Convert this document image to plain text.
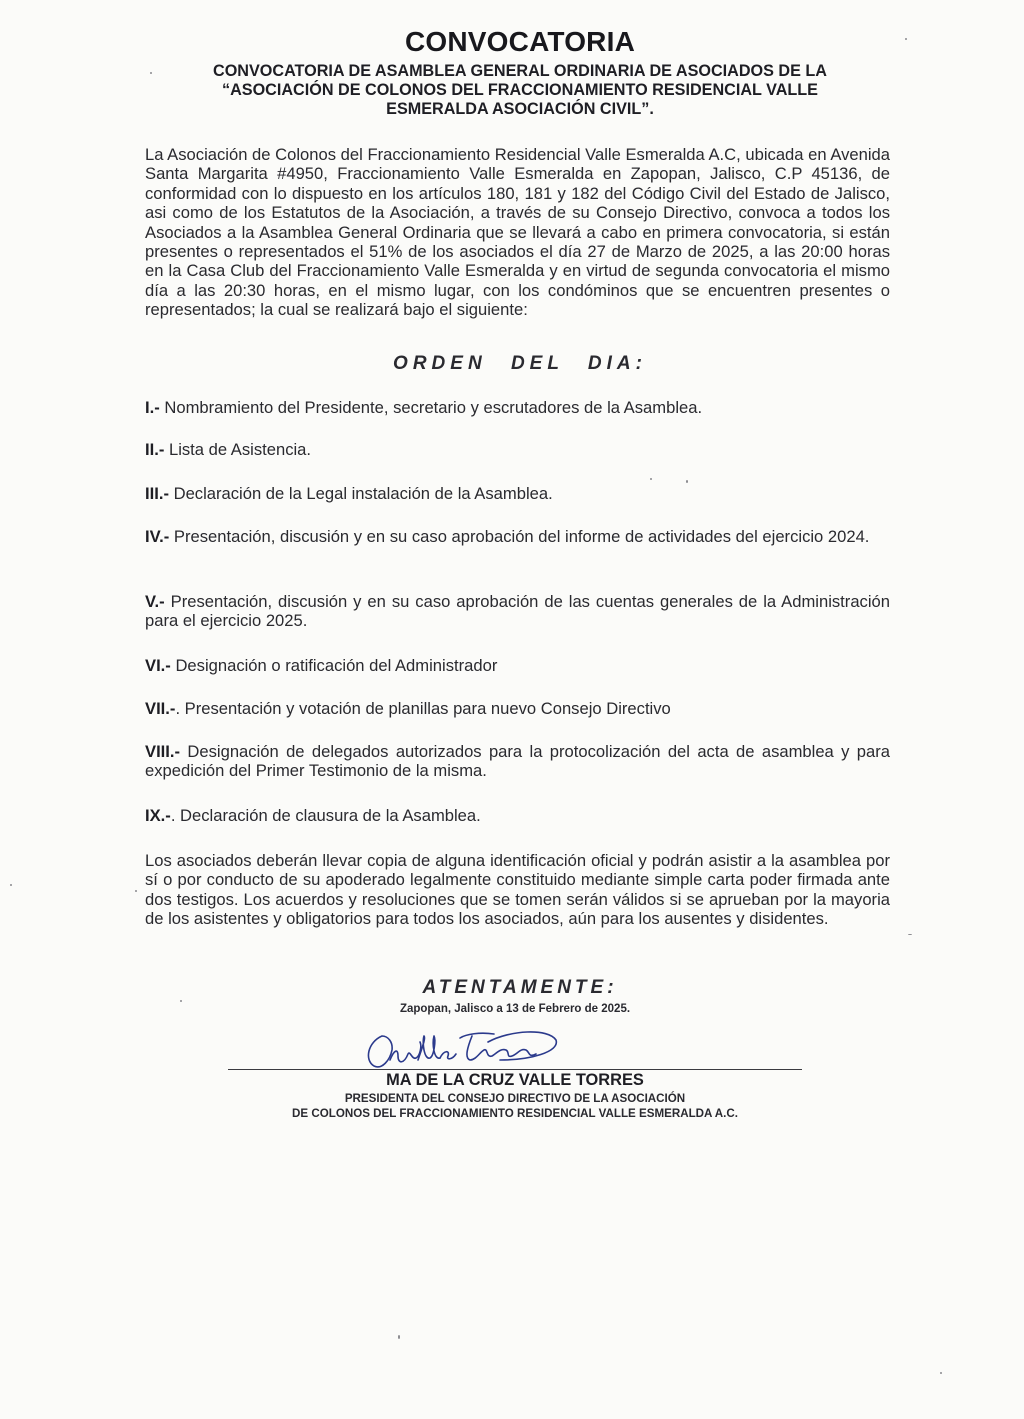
CONVOCATORIA
CONVOCATORIA DE ASAMBLEA GENERAL ORDINARIA DE ASOCIADOS DE LA
“ASOCIACIÓN DE COLONOS DEL FRACCIONAMIENTO RESIDENCIAL VALLE
ESMERALDA ASOCIACIÓN CIVIL”.
La Asociación de Colonos del Fraccionamiento Residencial Valle Esmeralda A.C, ubicada en Avenida Santa Margarita #4950, Fraccionamiento Valle Esmeralda en Zapopan, Jalisco, C.P 45136, de conformidad con lo dispuesto en los artículos 180, 181 y 182 del Código Civil del Estado de Jalisco, asi como de los Estatutos de la Asociación, a través de su Consejo Directivo, convoca a todos los Asociados a la Asamblea General Ordinaria que se llevará a cabo en primera convocatoria, si están presentes o representados el 51% de los asociados el día 27 de Marzo de 2025, a las 20:00 horas en la Casa Club del Fraccionamiento Valle Esmeralda y en virtud de segunda convocatoria el mismo día a las 20:30 horas, en el mismo lugar, con los condóminos que se encuentren presentes o representados; la cual se realizará bajo el siguiente:
ORDEN DEL DIA:
I.- Nombramiento del Presidente, secretario y escrutadores de la Asamblea.
II.- Lista de Asistencia.
III.- Declaración de la Legal instalación de la Asamblea.
IV.- Presentación, discusión y en su caso aprobación del informe de actividades del ejercicio 2024.
V.- Presentación, discusión y en su caso aprobación de las cuentas generales de la Administración para el ejercicio 2025.
VI.- Designación o ratificación del Administrador
VII.-. Presentación y votación de planillas para nuevo Consejo Directivo
VIII.- Designación de delegados autorizados para la protocolización del acta de asamblea y para expedición del Primer Testimonio de la misma.
IX.-. Declaración de clausura de la Asamblea.
Los asociados deberán llevar copia de alguna identificación oficial y podrán asistir a la asamblea por sí o por conducto de su apoderado legalmente constituido mediante simple carta poder firmada ante dos testigos. Los acuerdos y resoluciones que se tomen serán válidos si se aprueban por la mayoria de los asistentes y obligatorios para todos los asociados, aún para los ausentes y disidentes.
ATENTAMENTE:
Zapopan, Jalisco a 13 de Febrero de 2025.
MA DE LA CRUZ VALLE TORRES
PRESIDENTA DEL CONSEJO DIRECTIVO DE LA ASOCIACIÓN
DE COLONOS DEL FRACCIONAMIENTO RESIDENCIAL VALLE ESMERALDA A.C.
